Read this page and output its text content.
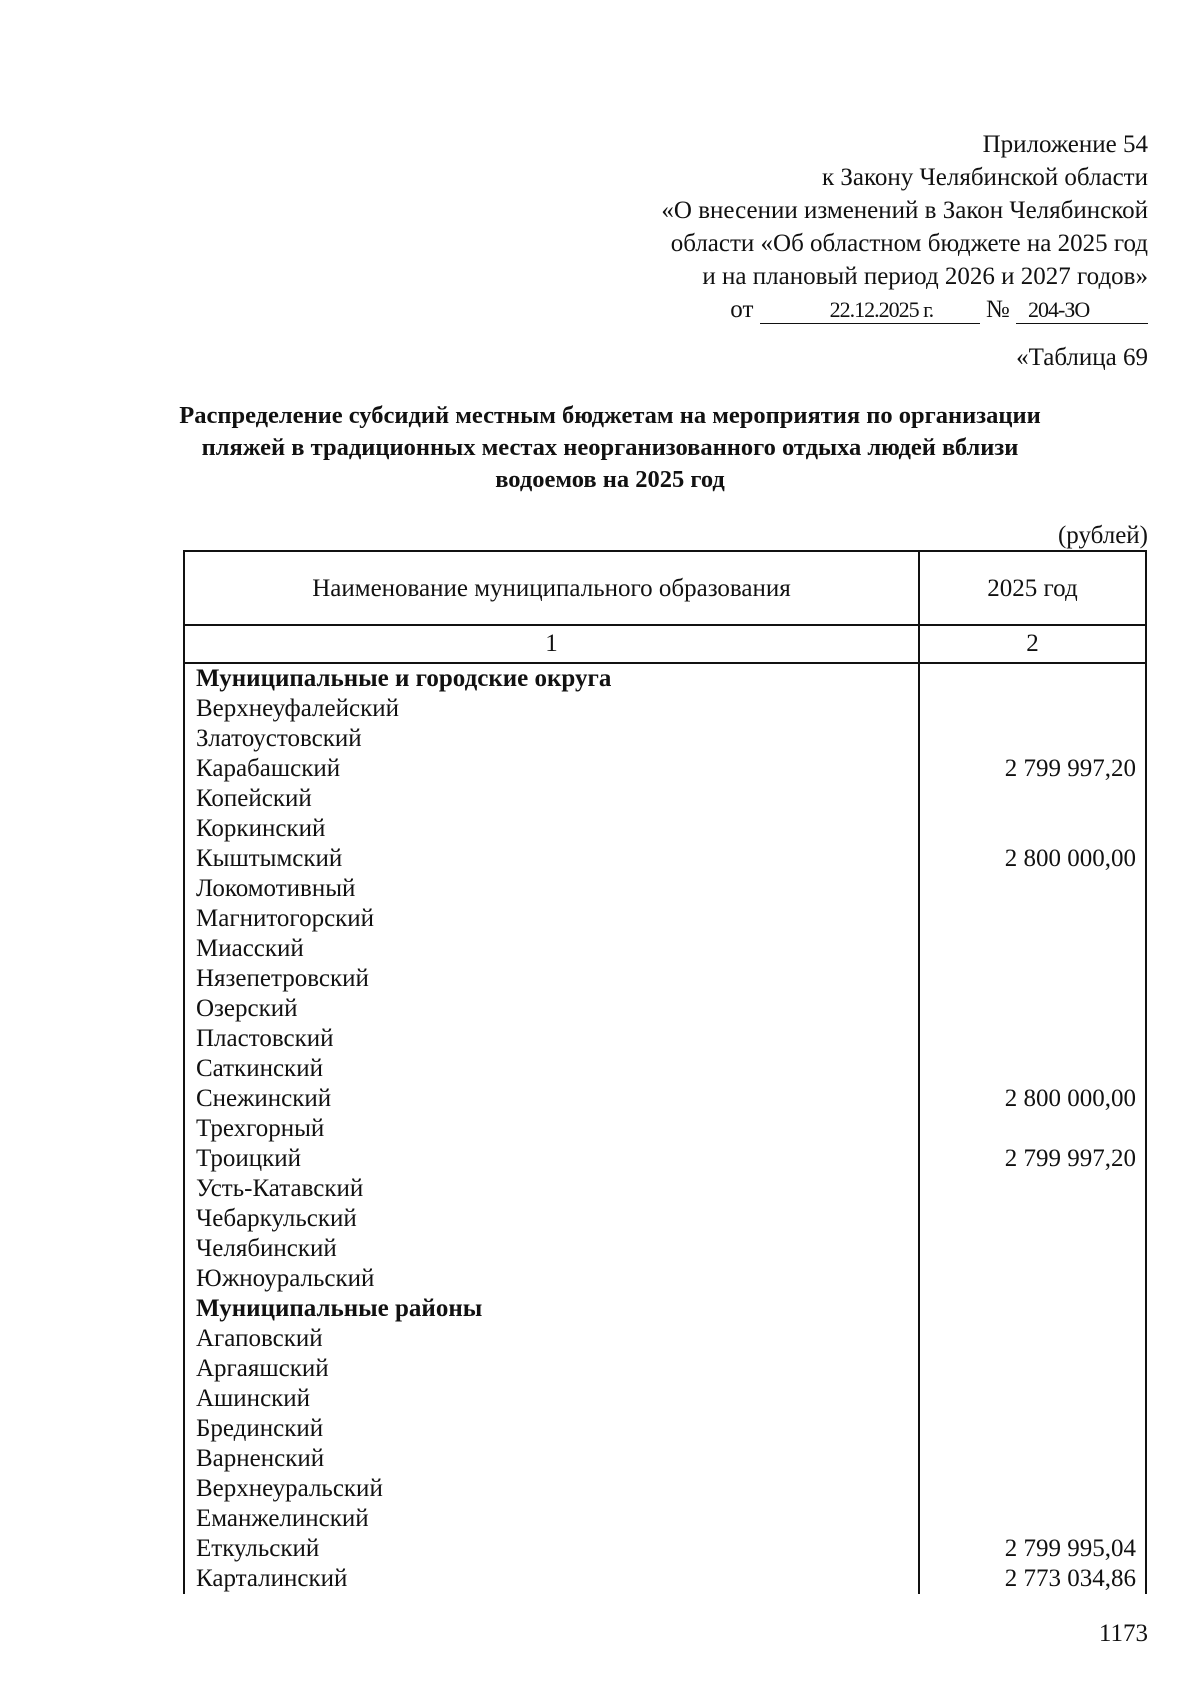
Приложение 54
к Закону Челябинской области
«О внесении изменений в Закон Челябинской
области «Об областном бюджете на 2025 год
и на плановый период 2026 и 2027 годов»
от	22.12.2025 г. № 204-ЗО
«Таблица 69
Распределение субсидий местным бюджетам на мероприятия по организации пляжей в традиционных местах неорганизованного отдыха людей вблизи водоемов на 2025 год
(рублей)
Наименование муниципального образования	2025 год
1	2
Муниципальные и городские округа	
Верхнеуфалейский	
Златоустовский	
Карабашский	2 799 997,20
Копейский	
Коркинский	
Кыштымский	2 800 000,00
Локомотивный	
Магнитогорский	
Миасский	
Нязепетровский	
Озерский	
Пластовский	
Саткинский	
Снежинский	2 800 000,00
Трехгорный	
Троицкий	2 799 997,20
Усть-Катавский	
Чебаркульский	
Челябинский	
Южноуральский	
Муниципальные районы	
Агаповский	
Аргаяшский	
Ашинский	
Брединский	
Варненский	
Верхнеуральский	
Еманжелинский	
Еткульский	2 799 995,04
Карталинский	2 773 034,86
1173
